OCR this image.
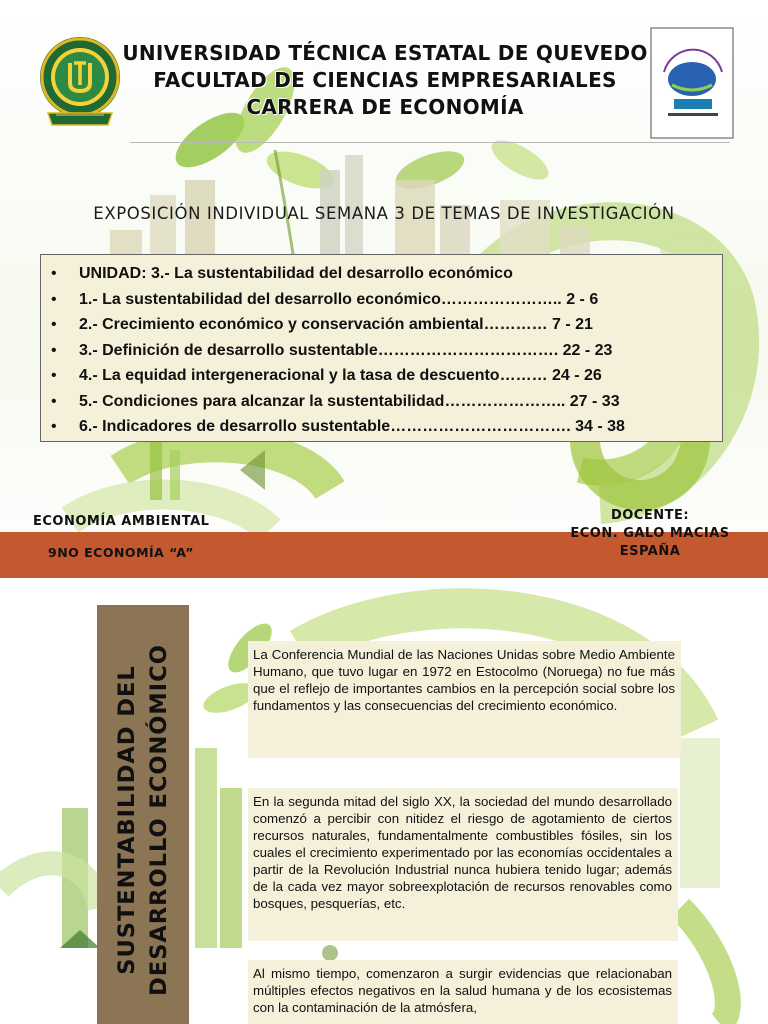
UNIVERSIDAD TÉCNICA ESTATAL DE QUEVEDO
FACULTAD DE CIENCIAS EMPRESARIALES
CARRERA DE ECONOMÍA
EXPOSICIÓN INDIVIDUAL SEMANA 3 DE TEMAS DE INVESTIGACIÓN
•	UNIDAD: 3.- La sustentabilidad del desarrollo económico
•	1.- La sustentabilidad del desarrollo económico………………….. 2 - 6
•	2.- Crecimiento económico y conservación ambiental………… 7 - 21
•	3.- Definición de desarrollo sustentable……………………………. 22 - 23
•	4.- La equidad intergeneracional y la tasa de descuento……… 24 - 26
•	5.- Condiciones para alcanzar la sustentabilidad………………….. 27 - 33
•	6.- Indicadores de desarrollo sustentable……………………………. 34 - 38
ECONOMÍA AMBIENTAL
9NO ECONOMÍA “A”
DOCENTE:
ECON. GALO MACIAS
ESPAÑA
SUSTENTABILIDAD DEL DESARROLLO ECONÓMICO	La Conferencia Mundial de las Naciones Unidas sobre Medio Ambiente Humano, que tuvo lugar en 1972 en Estocolmo (Noruega) no fue más que el reflejo de importantes cambios en la percepción social sobre los fundamentos y las consecuencias del crecimiento económico.
En la segunda mitad del siglo XX, la sociedad del mundo desarrollado comenzó a percibir con nitidez el riesgo de agotamiento de ciertos recursos naturales, fundamentalmente combustibles fósiles, sin los cuales el crecimiento experimentado por las economías occidentales a partir de la Revolución Industrial nunca hubiera tenido lugar; además de la cada vez mayor sobreexplotación de recursos renovables como bosques, pesquerías, etc.
Al mismo tiempo, comenzaron a surgir evidencias que relacionaban múltiples efectos negativos en la salud humana y de los ecosistemas con la contaminación de la atmósfera,
